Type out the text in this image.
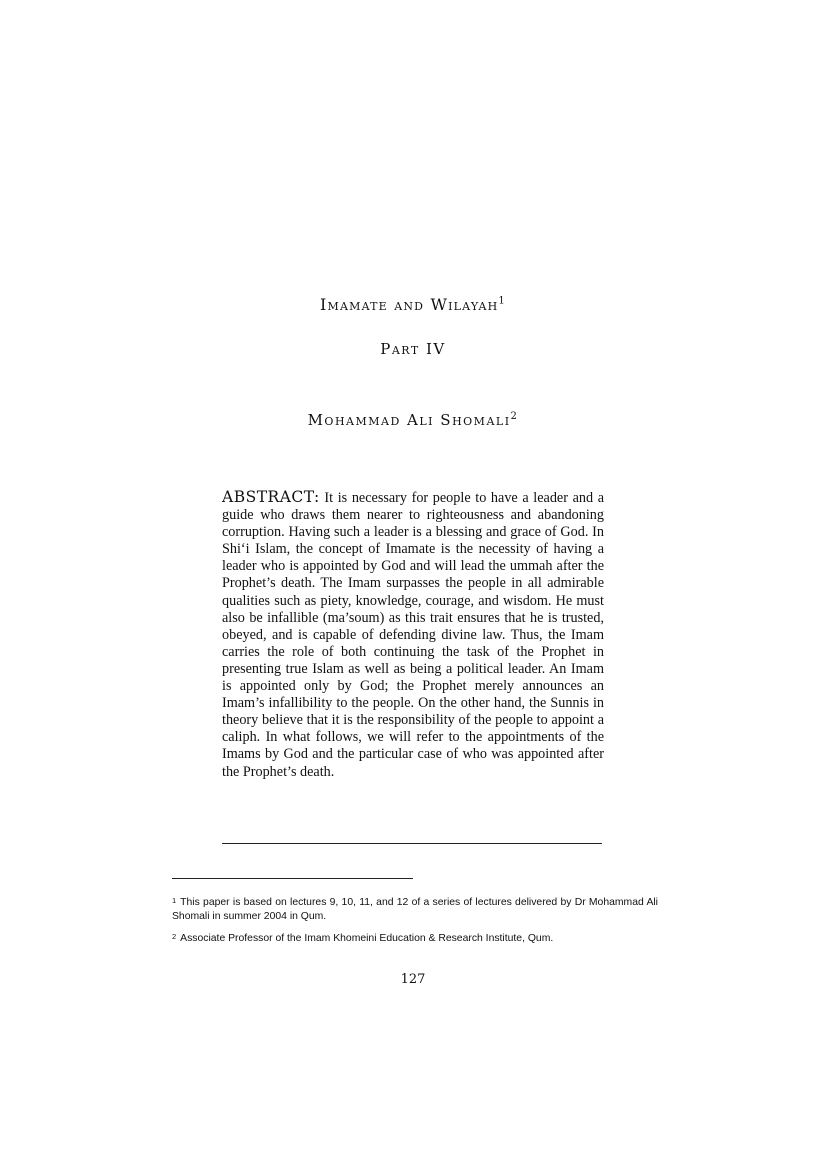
Imamate and Wilayah$^1$
Part IV
Mohammad Ali Shomali$^2$
ABSTRACT: It is necessary for people to have a leader and a guide who draws them nearer to righteousness and abandoning corruption. Having such a leader is a blessing and grace of God. In Shi‘i Islam, the concept of Imamate is the necessity of having a leader who is appointed by God and will lead the ummah after the Prophet’s death. The Imam surpasses the people in all admirable qualities such as piety, knowledge, courage, and wisdom. He must also be infallible (ma’soum) as this trait ensures that he is trusted, obeyed, and is capable of defending divine law. Thus, the Imam carries the role of both continuing the task of the Prophet in presenting true Islam as well as being a political leader. An Imam is appointed only by God; the Prophet merely announces an Imam’s infallibility to the people. On the other hand, the Sunnis in theory believe that it is the responsibility of the people to appoint a caliph. In what follows, we will refer to the appointments of the Imams by God and the particular case of who was appointed after the Prophet’s death.
$^1$ This paper is based on lectures 9, 10, 11, and 12 of a series of lectures delivered by Dr Mohammad Ali Shomali in summer 2004 in Qum.
$^2$ Associate Professor of the Imam Khomeini Education & Research Institute, Qum.
127
